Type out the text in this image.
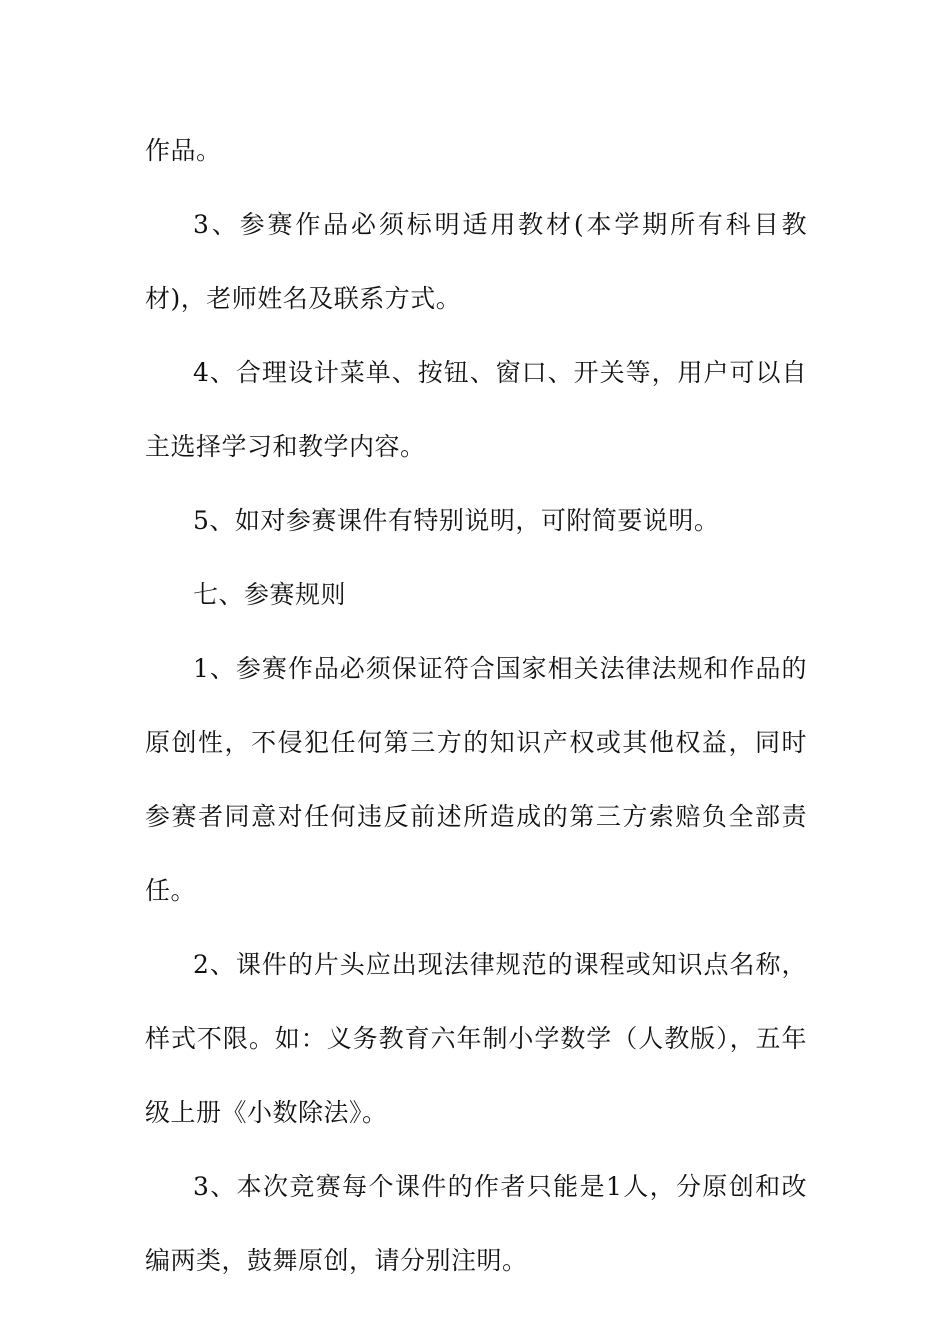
作品。

3、参赛作品必须标明适用教材(本学期所有科目教材)，老师姓名及联系方式。

4、合理设计菜单、按钮、窗口、开关等，用户可以自主选择学习和教学内容。

5、如对参赛课件有特别说明，可附简要说明。

七、参赛规则

1、参赛作品必须保证符合国家相关法律法规和作品的原创性，不侵犯任何第三方的知识产权或其他权益，同时参赛者同意对任何违反前述所造成的第三方索赔负全部责任。

2、课件的片头应出现法律规范的课程或知识点名称，样式不限。如：义务教育六年制小学数学（人教版），五年级上册《小数除法》。

3、本次竞赛每个课件的作者只能是1人，分原创和改编两类，鼓舞原创，请分别注明。
